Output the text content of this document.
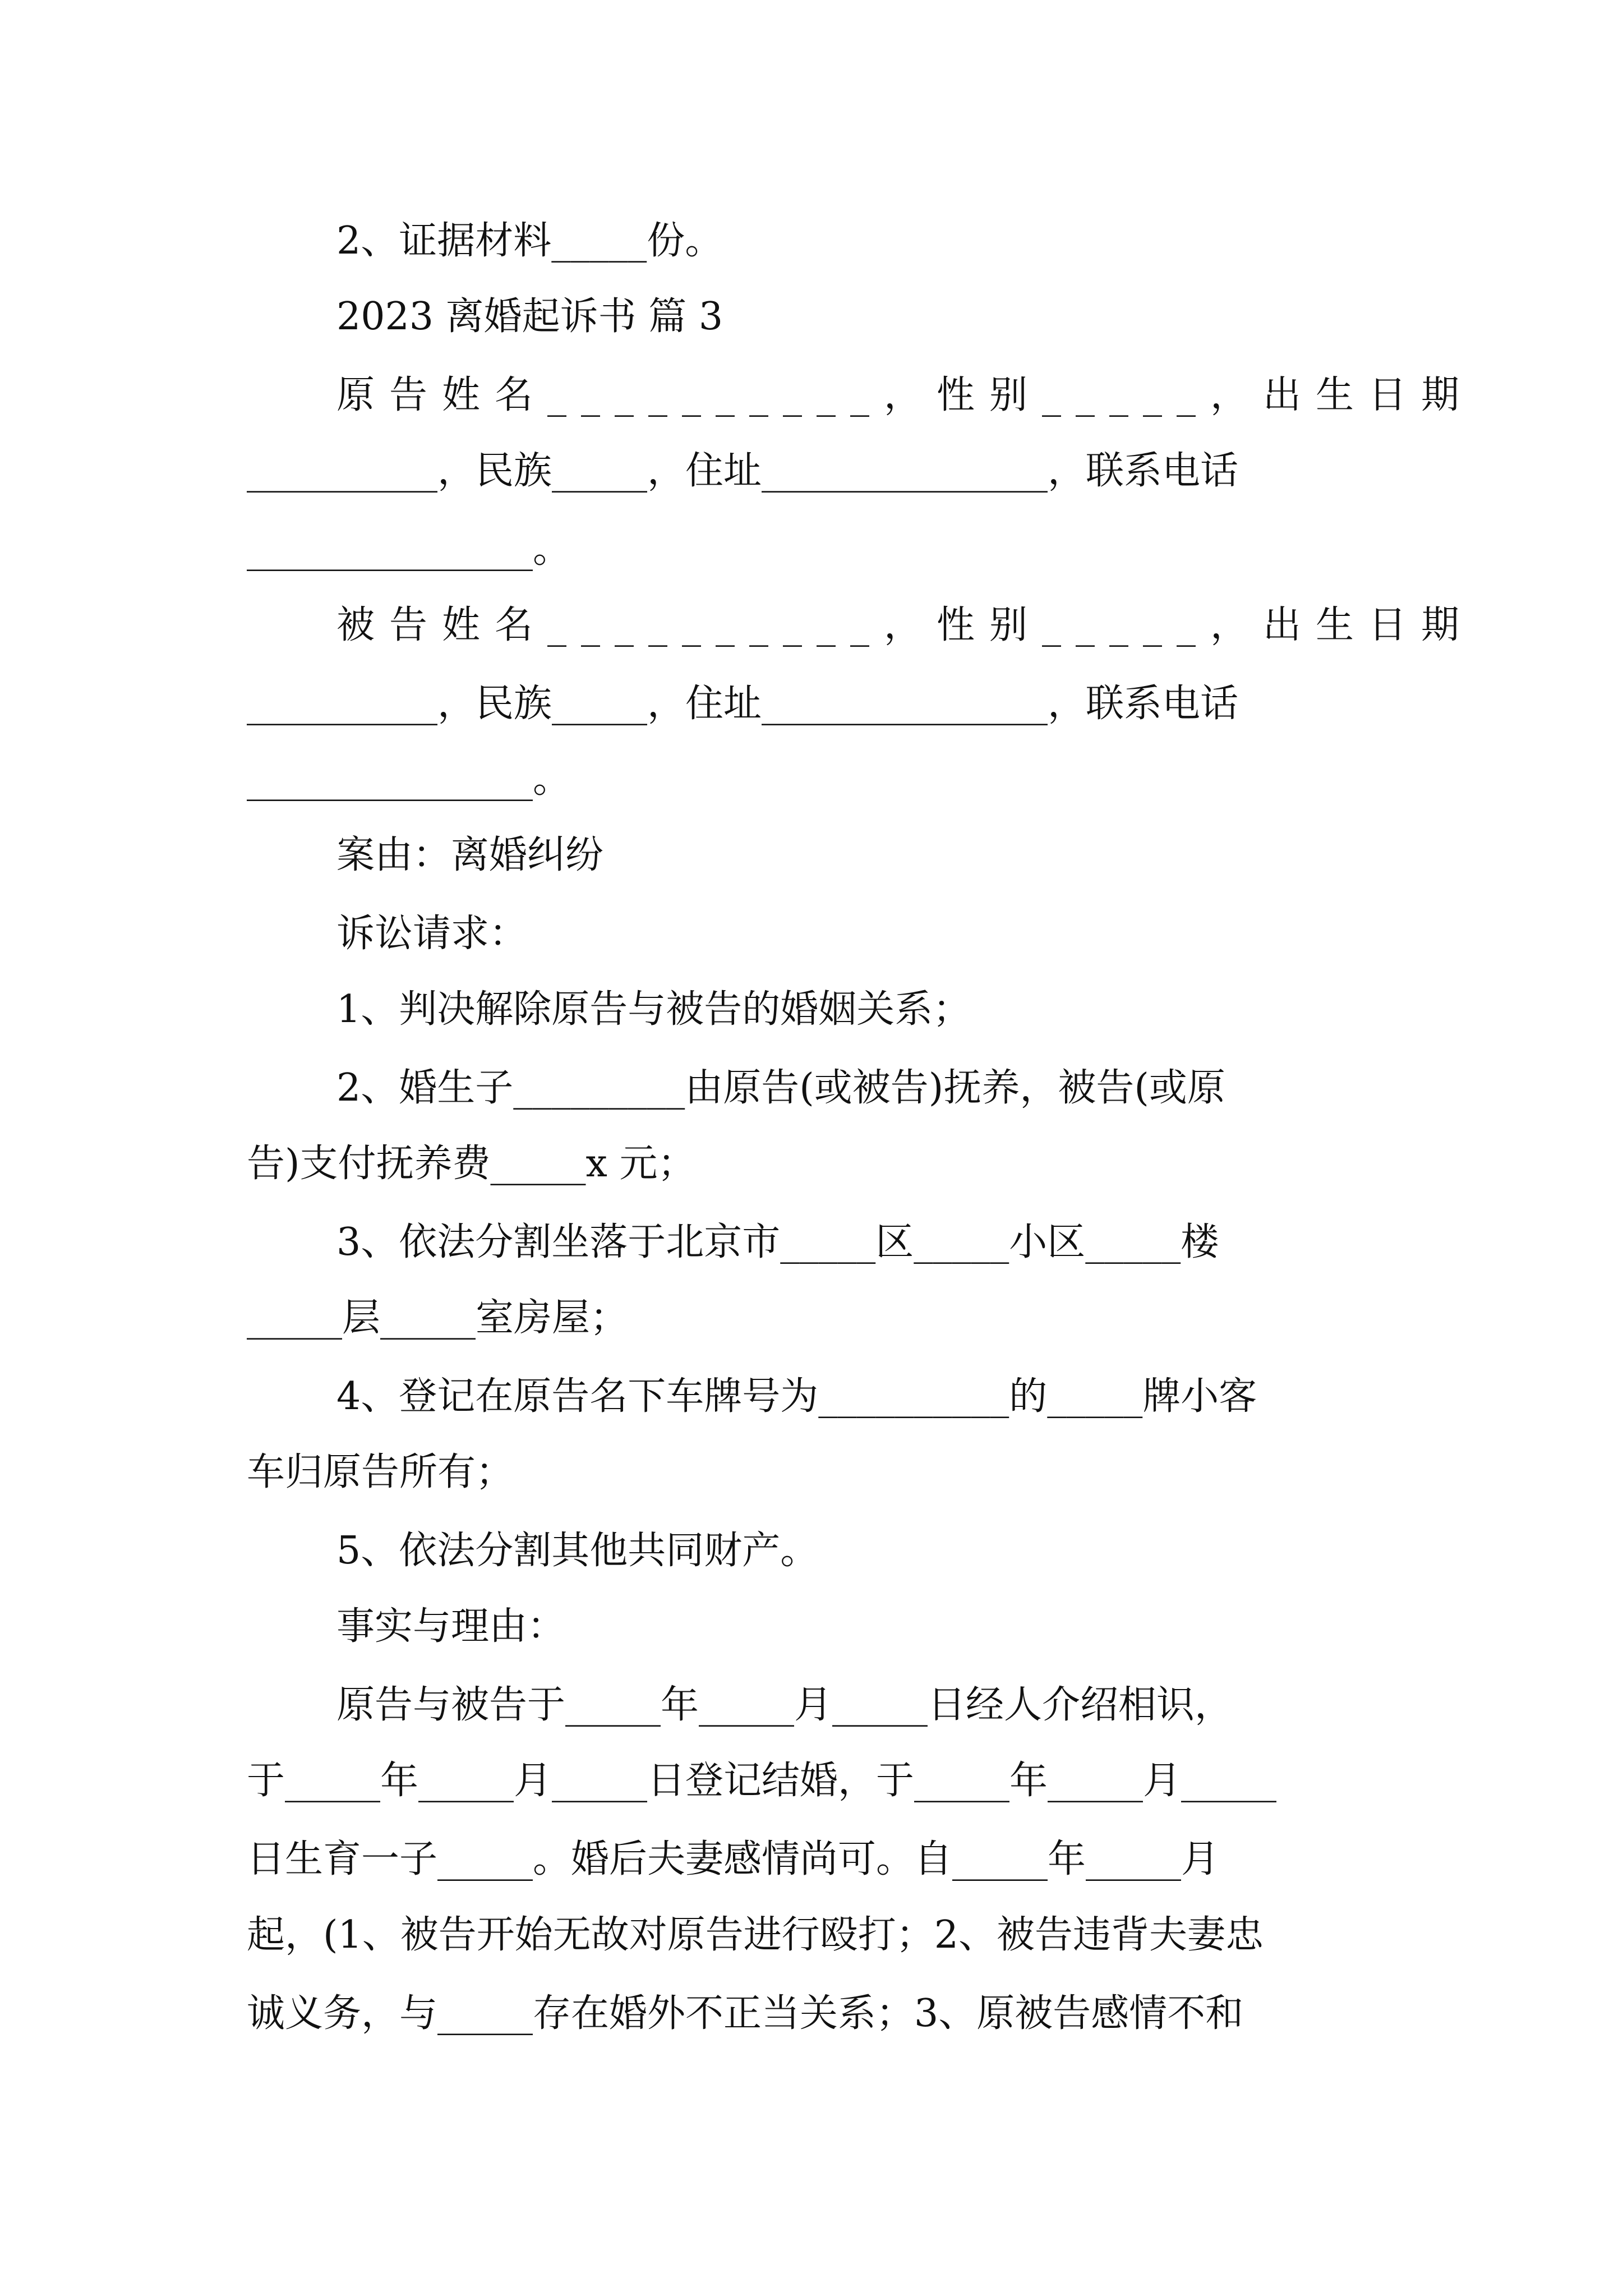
2、证据材料_____份。
2023 离婚起诉书 篇 3
原告姓名__________，性别_____，出生日期
__________，民族_____，住址_______________，联系电话
_______________。
被告姓名__________，性别_____，出生日期
__________，民族_____，住址_______________，联系电话
_______________。
案由：离婚纠纷
诉讼请求：
1、判决解除原告与被告的婚姻关系；
2、婚生子_________由原告(或被告)抚养，被告(或原
告)支付抚养费_____x 元；
3、依法分割坐落于北京市_____区_____小区_____楼
_____层_____室房屋；
4、登记在原告名下车牌号为__________的_____牌小客
车归原告所有；
5、依法分割其他共同财产。
事实与理由：
原告与被告于_____年_____月_____日经人介绍相识，
于_____年_____月_____日登记结婚，于_____年_____月_____
日生育一子_____。婚后夫妻感情尚可。自_____年_____月
起，(1、被告开始无故对原告进行殴打；2、被告违背夫妻忠
诚义务，与_____存在婚外不正当关系；3、原被告感情不和
